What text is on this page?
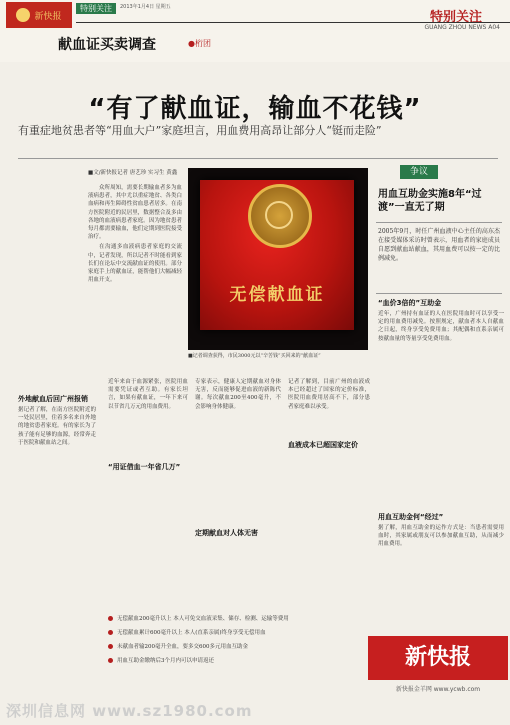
新快报
特别关注	2013年1月4日 星期五
特别关注
GUANG ZHOU NEWS A04
献血证买卖调查	●桁团
“有了献血证，输血不花钱”
有重症地贫患者等“用血大户”家庭坦言，用血费用高昂让部分人“铤而走险”
■文/新快报记者 唐艺珍 实习生 黄鑫

众所周知，需要长期输血者多为血液病患者，其中尤以重症地贫、各类白血病和再生障碍性贫血患者居多。在南方医院附近的民居里，数据整合及多由各地的血液病患者家庭。因为地贫患者每月都需要输血，他们定期到医院接受治疗。

在沟通多血液病患者家庭的交流中，记者发现，所以记者不时能看到家长们在论坛中交流献血证的使用。部分家庭手上的献血证，能帮他们大幅减轻用血开支。

无偿献血证
■记者调查获得，市民3000元以“辛苦钱”买回来的“献血证”
争议
用血互助金实施8年“过渡”一直无了期
2005年9月，时任广州血液中心主任的高东杰在接受媒体采访时曾表示，用血者的家庭成员自愿到献血站献血，其用血费可以按一定的比例减免。
“血价3倍的”互助金
近年，广州持有血证的人在医院用血时可以享受一定的用血费用减免。按照规定，献血者本人自献血之日起，终身享受免费用血；其配偶和直系亲属可按献血量的等量享受免费用血。
用血互助金何“经过”
据了解，用血互助金的运作方式是：当患者需要用血时，其家属或朋友可以参加献血互助，从而减少用血费用。
外地献血后回广州报销
据记者了解，在南方医院附近的一处民居里，住着多名来自外地的地贫患者家庭。有的家长为了孩子能有足够的血源，经常奔走于医院和献血站之间。
“用证借血一年省几万”
近年来由于血源紧张，医院用血需要凭证或者互助。有家长坦言，如果有献血证，一年下来可以节省几万元的用血费用。
定期献血对人体无害
专家表示，健康人定期献血对身体无害，反而能够促进血液的新陈代谢。每次献血200至400毫升，不会影响身体健康。
血液成本已超国家定价
记者了解到，目前广州的血液成本已经超过了国家的定价标准，医院用血费用居高不下，部分患者家庭难以承受。
无偿献血200毫升以上 本人可免交血液采集、储存、检测、运输等费用
无偿献血累计600毫升以上 本人(直系亲属)终身享受无偿用血
未献血者输200毫升全血，要多交600多元用血互助金
用血互助金缴纳后3个月内可以申请返还	新快报
新快报金羊网 www.ycwb.com
深圳信息网 www.sz1980.com
